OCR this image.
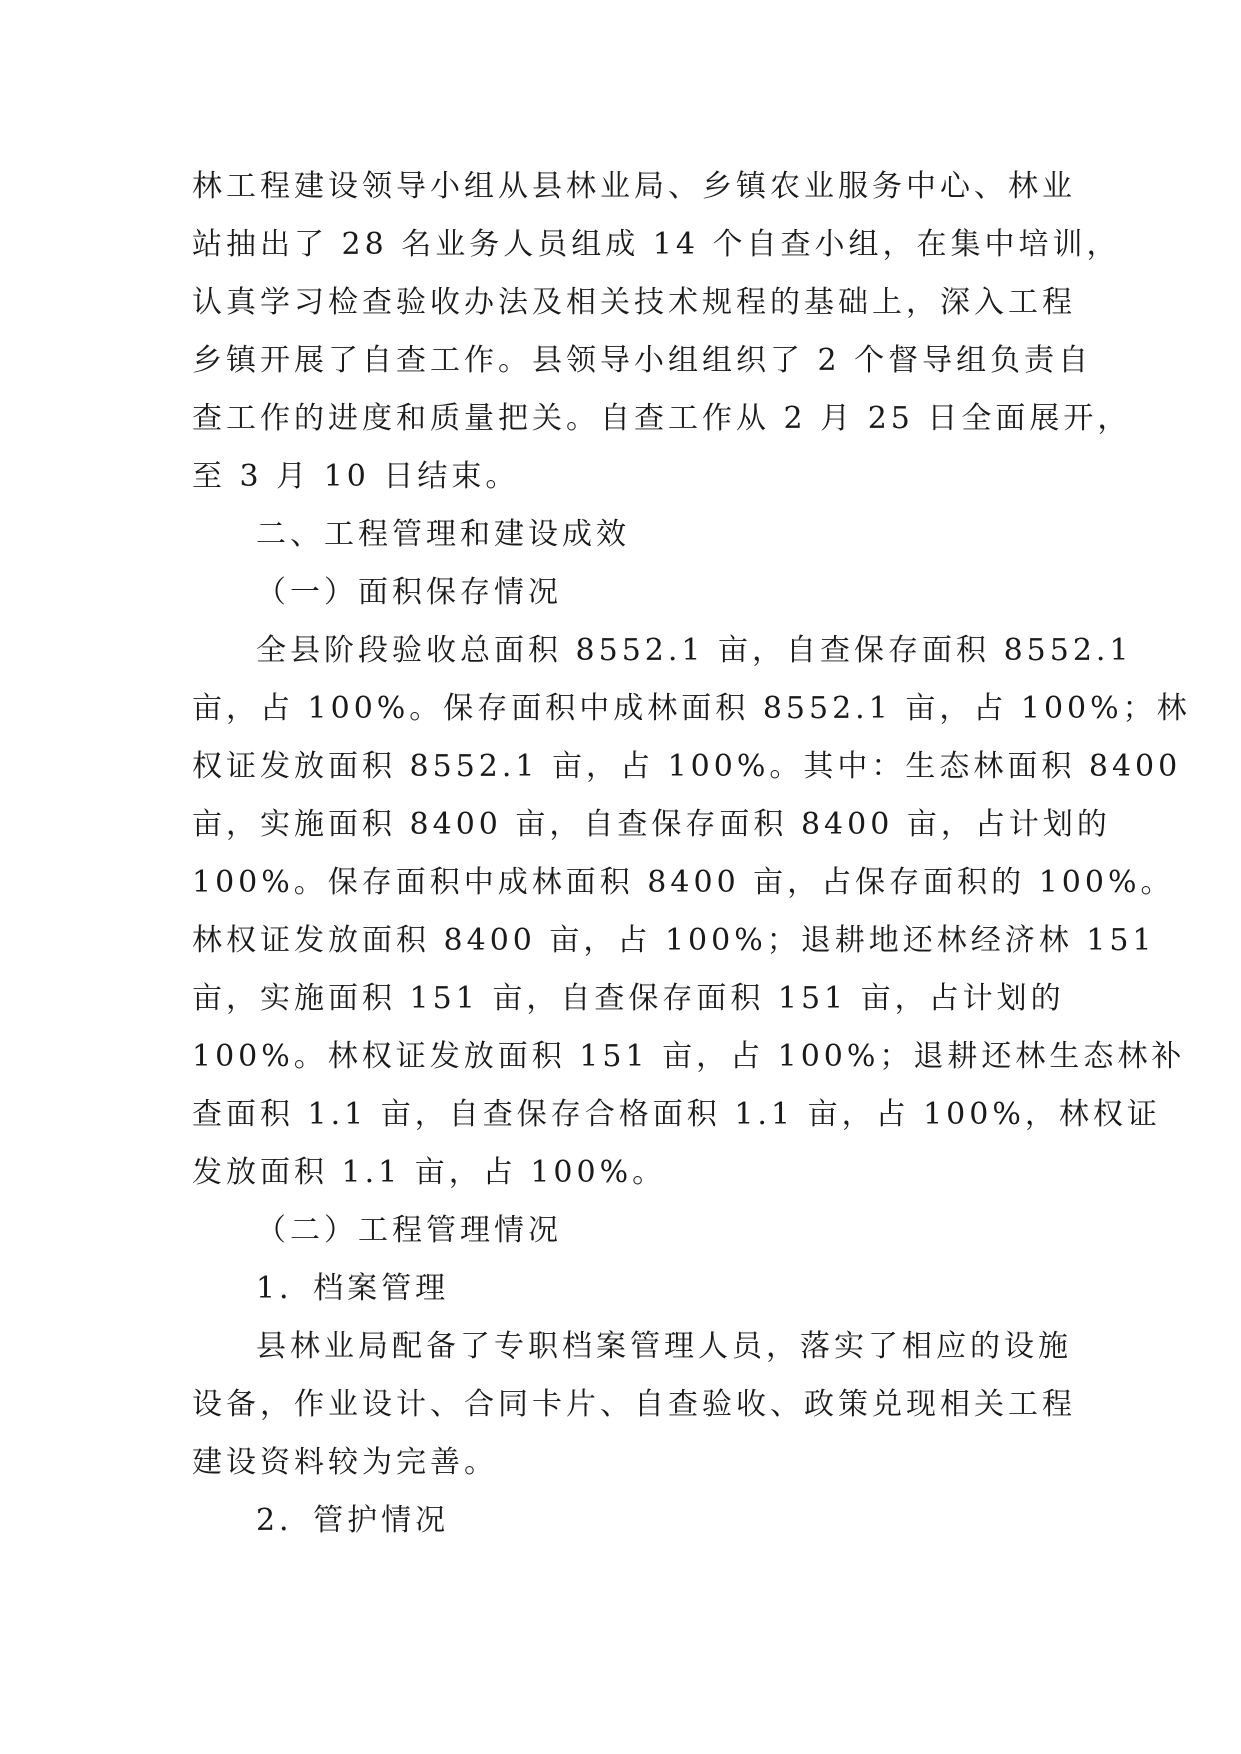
林工程建设领导小组从县林业局、乡镇农业服务中心、林业
站抽出了 28 名业务人员组成 14 个自查小组，在集中培训，
认真学习检查验收办法及相关技术规程的基础上，深入工程
乡镇开展了自查工作。县领导小组组织了 2 个督导组负责自
查工作的进度和质量把关。自查工作从 2 月 25 日全面展开，
至 3 月 10 日结束。
二、工程管理和建设成效
（一）面积保存情况
全县阶段验收总面积 8552.1 亩，自查保存面积 8552.1
亩，占 100%。保存面积中成林面积 8552.1 亩，占 100%；林
权证发放面积 8552.1 亩，占 100%。其中：生态林面积 8400
亩，实施面积 8400 亩，自查保存面积 8400 亩，占计划的
100%。保存面积中成林面积 8400 亩，占保存面积的 100%。
林权证发放面积 8400 亩，占 100%；退耕地还林经济林 151
亩，实施面积 151 亩，自查保存面积 151 亩，占计划的
100%。林权证发放面积 151 亩，占 100%；退耕还林生态林补
查面积 1.1 亩，自查保存合格面积 1.1 亩，占 100%，林权证
发放面积 1.1 亩，占 100%。
（二）工程管理情况
1．档案管理
县林业局配备了专职档案管理人员，落实了相应的设施
设备，作业设计、合同卡片、自查验收、政策兑现相关工程
建设资料较为完善。
2．管护情况
